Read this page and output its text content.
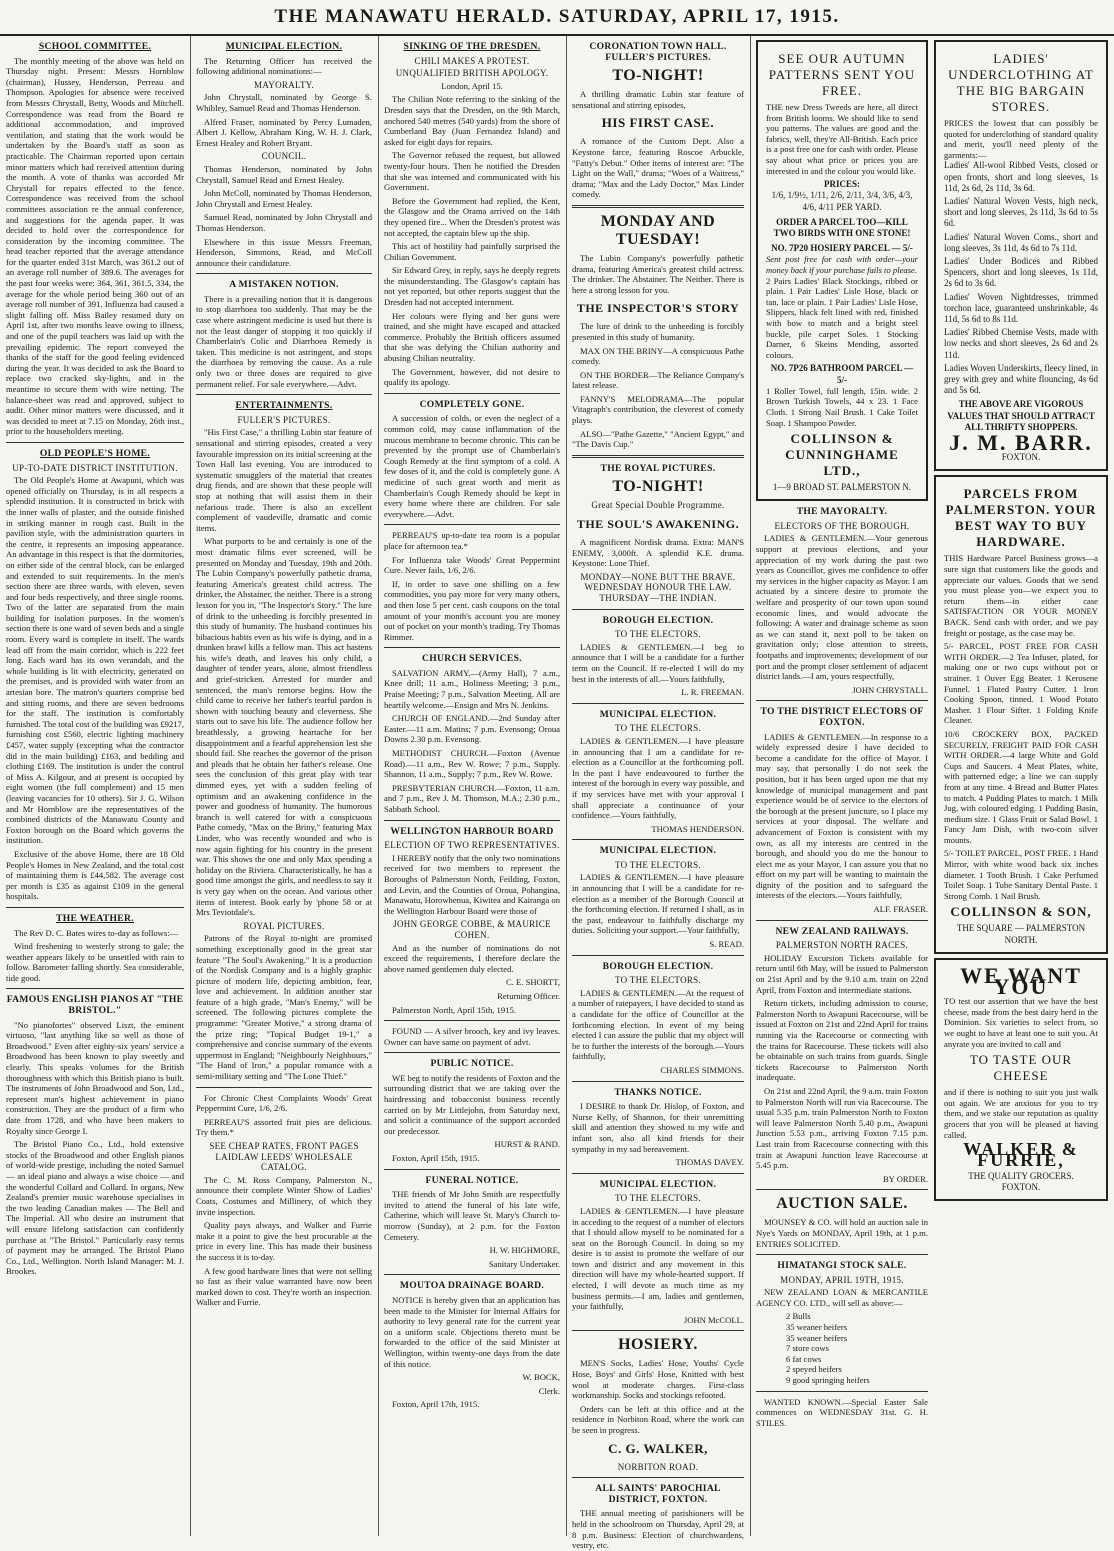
THE MANAWATU HERALD. SATURDAY, APRIL 17, 1915.
SCHOOL COMMITTEE.
The monthly meeting of the above was held on Thursday night. Present: Messrs Hornblow (chairman), Hussey, Henderson, Perreau and Thompson. Apologies for absence were received from Messrs Chrystall, Betty, Woods and Mitchell. Correspondence was read from the Board re additional accommodation, and improved ventilation, and stating that the work would be undertaken by the Board's staff as soon as practicable. The Chairman reported upon certain minor matters which had received attention during the month. A vote of thanks was accorded Mr Chrystall for repairs effected to the fence. Correspondence was received from the school committees association re the annual conference, and suggestions for the agenda paper. It was decided to hold over the correspondence for consideration by the incoming committee. The head teacher reported that the average attendance for the quarter ended 31st March, was 361.2 out of an average roll number of 389.6. The averages for the past four weeks were: 364, 361, 361.5, 334, the average for the whole period being 360 out of an average roll number of 391. Influenza had caused a slight falling off. Miss Bailey resumed duty on April 1st, after two months leave owing to illness, and one of the pupil teachers was laid up with the prevailing epidemic. The report conveyed the thanks of the staff for the good feeling evidenced during the year. It was decided to ask the Board to replace two cracked sky-lights, and in the meantime to secure them with wire netting. The balance-sheet was read and approved, subject to audit. Other minor matters were discussed, and it was decided to meet at 7.15 on Monday, 26th inst., prior to the householders meeting.
OLD PEOPLE'S HOME.
UP-TO-DATE DISTRICT INSTITUTION.
The Old People's Home at Awapuni, which was opened officially on Thursday, is in all respects a splendid institution. It is constructed in brick with the inner walls of plaster, and the outside finished in striking manner in rough cast. Built in the pavilion style, with the administration quarters in the centre, it represents an imposing appearance. An advantage in this respect is that the dormitories, on either side of the central block, can be enlarged and extended to suit requirements. In the men's section there are three wards, with eleven, seven and four beds respectively, and three single rooms. Two of the latter are separated from the main building for isolation purposes. In the women's section there is one ward of seven beds and a single room. Every ward is complete in itself. The wards lead off from the main corridor, which is 222 feet long. Each ward has its own verandah, and the whole building is lit with electricity, generated on the premises, and is provided with water from an artesian bore. The matron's quarters comprise bed and sitting rooms, and there are seven bedrooms for the staff. The institution is comfortably furnished. The total cost of the building was £9217, furnishing cost £560, electric lighting machinery £457, water supply (excepting what the contractor did in the main building) £163, and bedding and clothing £169. The institution is under the control of Miss A. Kilgour, and at present is occupied by eight women (the full complement) and 15 men (leaving vacancies for 10 others). Sir J. G. Wilson and Mr Hornblow are the representatives of the combined districts of the Manawatu County and Foxton borough on the Board which governs the institution.
Exclusive of the above Home, there are 18 Old People's Homes in New Zealand, and the total cost of maintaining them is £44,582. The average cost per month is £35 as against £109 in the general hospitals.
THE WEATHER.
The Rev D. C. Bates wires to-day as follows:—
Wind freshening to westerly strong to gale; the weather appears likely to be unsettled with rain to follow. Barometer falling shortly. Sea considerable, tide good.
FAMOUS ENGLISH PIANOS AT "THE BRISTOL."
"No pianofortes" observed Liszt, the eminent virtuoso, "last anything like so well as those of Broadwood." Even after eighty-six years' service a Broadwood has been known to play sweetly and clearly. This speaks volumes for the British thoroughness with which this British piano is built. The instruments of John Broadwood and Son, Ltd., represent man's highest achievement in piano construction. They are the product of a firm who date from 1728, and who have been makers to Royalty since George I.
The Bristol Piano Co., Ltd., hold extensive stocks of the Broadwood and other English pianos of world-wide prestige, including the noted Samuel — an ideal piano and always a wise choice — and the wonderful Collard and Collard. In organs, New Zealand's premier music warehouse specialises in the two leading Canadian makes — The Bell and The Imperial. All who desire an instrument that will ensure lifelong satisfaction can confidently purchase at "The Bristol." Particularly easy terms of payment may be arranged. The Bristol Piano Co., Ltd., Wellington. North Island Manager: M. J. Brookes.
MUNICIPAL ELECTION.
The Returning Officer has received the following additional nominations:—
MAYORALTY.
John Chrystall, nominated by George S. Whibley, Samuel Read and Thomas Henderson.
Alfred Fraser, nominated by Percy Lumaden, Albert J. Kellow, Abraham King, W. H. J. Clark, Ernest Healey and Robert Bryant.
COUNCIL.
Thomas Henderson, nominated by John Chrystall, Samuel Read and Ernest Healey.
John McColl, nominated by Thomas Henderson, John Chrystall and Ernest Healey.
Samuel Read, nominated by John Chrystall and Thomas Henderson.
Elsewhere in this issue Messrs Freeman, Henderson, Simmons, Read, and McColl announce their candidature.
A MISTAKEN NOTION.
There is a prevailing notion that it is dangerous to stop diarrhoea too suddenly. That may be the case where astringent medicine is used but there is not the least danger of stopping it too quickly if Chamberlain's Colic and Diarrhoea Remedy is taken. This medicine is not astringent, and stops the diarrhoea by removing the cause. As a rule only two or three doses are required to give permanent relief. For sale everywhere.—Advt.
ENTERTAINMENTS.
FULLER'S PICTURES.
"His First Case," a thrilling Lubin star feature of sensational and stirring episodes, created a very favourable impression on its initial screening at the Town Hall last evening. You are introduced to systematic smugglers of the material that creates drug fiends, and are shown that these people will stop at nothing that will assist them in their nefarious trade. There is also an excellent complement of vaudeville, dramatic and comic items.
What purports to be and certainly is one of the most dramatic films ever screened, will be presented on Monday and Tuesday, 19th and 20th. The Lubin Company's powerfully pathetic drama, featuring America's greatest child actress. The drinker, the Abstainer, the neither. There is a strong lesson for you in, "The Inspector's Story." The lure of drink to the unheeding is forcibly presented in this study of humanity. The husband continues his bibacious habits even as his wife is dying, and in a drunken brawl kills a fellow man. This act hastens his wife's death, and leaves his only child, a daughter of tender years, alone, almost friendless and grief-stricken. Arrested for murder and sentenced, the man's remorse begins. How the child came to receive her father's tearful pardon is shown with touching beauty and cleverness. She starts out to save his life. The audience follow her breathlessly, a growing heartache for her disappointment and a fearful apprehension lest she should fail. She reaches the governor of the prison and pleads that he obtain her father's release. One sees the conclusion of this great play with tear dimmed eyes, yet with a sudden feeling of optimism and an awakening confidence in the power and goodness of humanity. The humorous branch is well catered for with a conspicuous Pathe comedy, "Max on the Briny," featuring Max Linder, who was recently wounded and who is now again fighting for his country in the present war. This shows the one and only Max spending a holiday on the Riviera. Characteristically, he has a good time amongst the girls, and needless to say it is very gay when on the ocean. And various other items of interest. Book early by 'phone 58 or at Mrs Teviotdale's.
ROYAL PICTURES.
Patrons of the Royal to-night are promised something exceptionally good in the great star feature "The Soul's Awakening." It is a production of the Nordisk Company and is a highly graphic picture of modern life, depicting ambition, fear, love and achievement. In addition another star feature of a high grade, "Man's Enemy," will be screened. The following pictures complete the programme: "Greater Motive," a strong drama of the prize ring; "Topical Budget 19-1," a comprehensive and concise summary of the events uppermost in England; "Neighbourly Neighbours," "The Hand of Iron," a popular romance with a semi-military setting and "The Lone Thief."
For Chronic Chest Complaints Woods' Great Peppermint Cure, 1/6, 2/6.
PERREAU'S assorted fruit pies are delicious. Try them.*
SEE CHEAP RATES, FRONT PAGES LAIDLAW LEEDS' WHOLESALE CATALOG.
The C. M. Ross Company, Palmerston N., announce their complete Winter Show of Ladies' Coats, Costumes and Millinery, of which they invite inspection.
Quality pays always, and Walker and Furrie make it a point to give the best procurable at the price in every line. This has made their business the success it is to-day.
A few good hardware lines that were not selling so fast as their value warranted have now been marked down to cost. They're worth an inspection. Walker and Furrie.
SINKING OF THE DRESDEN.
CHILI MAKES A PROTEST.
UNQUALIFIED BRITISH APOLOGY.
London, April 15.
The Chilian Note referring to the sinking of the Dresden says that the Dresden, on the 9th March, anchored 540 metres (540 yards) from the shore of Cumberland Bay (Juan Fernandez Island) and asked for eight days for repairs.
The Governor refused the request, but allowed twenty-four hours. Then he notified the Dresden that she was interned and communicated with his Government.
Before the Government had replied, the Kent, the Glasgow and the Orama arrived on the 14th they opened fire... When the Dresden's protest was not accepted, the captain blew up the ship.
This act of hostility had painfully surprised the Chilian Government.
Sir Edward Grey, in reply, says he deeply regrets the misunderstanding. The Glasgow's captain has not yet reported, but other reports suggest that the Dresden had not accepted internment.
Her colours were flying and her guns were trained, and she might have escaped and attacked commerce. Probably the British officers assumed that she was defying the Chilian authority and abusing Chilian neutrality.
The Government, however, did not desire to qualify its apology.
COMPLETELY GONE.
A succession of colds, or even the neglect of a common cold, may cause inflammation of the mucous membrane to become chronic. This can be prevented by the prompt use of Chamberlain's Cough Remedy at the first symptom of a cold. A few doses of it, and the cold is completely gone. A medicine of such great worth and merit as Chamberlain's Cough Remedy should be kept in every home where there are children. For sale everywhere.—Advt.
PERREAU'S up-to-date tea room is a popular place for afternoon tea.*
For Influenza take Woods' Great Peppermint Cure. Never fails, 1/6, 2/6.
If, in order to save one shilling on a few commodities, you pay more for very many others, and then lose 5 per cent. cash coupons on the total amount of your month's account you are money out of pocket on your month's trading. Try Thomas Rimmer.
CHURCH SERVICES.
SALVATION ARMY.—(Army Hall), 7 a.m., Knee drill; 11 a.m., Holiness Meeting; 3 p.m., Praise Meeting; 7 p.m., Salvation Meeting. All are heartily welcome.—Ensign and Mrs N. Jenkins.
CHURCH OF ENGLAND.—2nd Sunday after Easter.—11 a.m. Matins; 7 p.m. Evensong; Oroua Downs 2.30 p.m. Evensong.
METHODIST CHURCH.—Foxton (Avenue Road).—11 a.m., Rev W. Rowe; 7 p.m., Supply. Shannon, 11 a.m., Supply; 7 p.m., Rev W. Rowe.
PRESBYTERIAN CHURCH.—Foxton, 11 a.m. and 7 p.m., Rev J. M. Thomson, M.A.; 2.30 p.m., Sabbath School.
WELLINGTON HARBOUR BOARD
ELECTION OF TWO REPRESENTATIVES.
I HEREBY notify that the only two nominations received for two members to represent the Boroughs of Palmerston North, Feilding, Foxton, and Levin, and the Counties of Oroua, Pohangina, Manawatu, Horowhenua, Kiwitea and Kairanga on the Wellington Harbour Board were those of
JOHN GEORGE COBBE, & MAURICE COHEN.
And as the number of nominations do not exceed the requirements, I therefore declare the above named gentlemen duly elected.
C. E. SHORTT,
Returning Officer.
Palmerston North, April 15th, 1915.
FOUND — A silver brooch, key and ivy leaves. Owner can have same on payment of advt.
PUBLIC NOTICE.
WE beg to notify the residents of Foxton and the surrounding district that we are taking over the hairdressing and tobacconist business recently carried on by Mr Littlejohn, from Saturday next, and solicit a continuance of the support accorded our predecessor.
HURST & RAND.
Foxton, April 15th, 1915.
FUNERAL NOTICE.
THE friends of Mr John Smith are respectfully invited to attend the funeral of his late wife, Catherine, which will leave St. Mary's Church to-morrow (Sunday), at 2 p.m. for the Foxton Cemetery.
H. W. HIGHMORE,
Sanitary Undertaker.
MOUTOA DRAINAGE BOARD.
NOTICE is hereby given that an application has been made to the Minister for Internal Affairs for authority to levy general rate for the current year on a uniform scale. Objections thereto must be forwarded to the office of the said Minister at Wellington, within twenty-one days from the date of this notice.
W. BOCK,
Clerk.
Foxton, April 17th, 1915.
CORONATION TOWN HALL. FULLER'S PICTURES.
TO-NIGHT!
A thrilling dramatic Lubin star feature of sensational and stirring episodes,
HIS FIRST CASE.
A romance of the Custom Dept. Also a Keystone farce, featuring Roscoe Arbuckle, "Fatty's Debut." Other items of interest are: "The Light on the Wall," drama; "Woes of a Waitress," drama; "Max and the Lady Doctor," Max Linder comedy.
MONDAY AND TUESDAY!
The Lubin Company's powerfully pathetic drama, featuring America's greatest child actress. The drinker. The Abstainer. The Neither. There is here a strong lesson for you.
THE INSPECTOR'S STORY
The lure of drink to the unheeding is forcibly presented in this study of humanity.
MAX ON THE BRINY—A conspicuous Pathe comedy.
ON THE BORDER—The Reliance Company's latest release.
FANNY'S MELODRAMA—The popular Vitagraph's contribution, the cleverest of comedy plays.
ALSO—"Pathe Gazette," "Ancient Egypt," and "The Davis Cup."
THE ROYAL PICTURES.
TO-NIGHT!
Great Special Double Programme.
THE SOUL'S AWAKENING.
A magnificent Nordisk drama. Extra: MAN'S ENEMY, 3,000ft. A splendid K.E. drama. Keystone: Lone Thief.
MONDAY—NONE BUT THE BRAVE. WEDNESDAY HONOUR THE LAW. THURSDAY—THE INDIAN.
BOROUGH ELECTION.
TO THE ELECTORS.
LADIES & GENTLEMEN.—I beg to announce that I will be a candidate for a further term on the Council. If re-elected I will do my best in the interests of all.—Yours faithfully,
L. R. FREEMAN.
MUNICIPAL ELECTION.
TO THE ELECTORS.
LADIES & GENTLEMEN.—I have pleasure in announcing that I am a candidate for re-election as a Councillor at the forthcoming poll. In the past I have endeavoured to further the interest of the borough in every way possible, and if my services have met with your approval I shall appreciate a continuance of your confidence.—Yours faithfully,
THOMAS HENDERSON.
MUNICIPAL ELECTION.
TO THE ELECTORS.
LADIES & GENTLEMEN.—I have pleasure in announcing that I will be a candidate for re-election as a member of the Borough Council at the forthcoming election. If returned I shall, as in the past, endeavour to faithfully discharge my duties. Soliciting your support.—Your faithfully,
S. READ.
BOROUGH ELECTION.
TO THE ELECTORS.
LADIES & GENTLEMEN.—At the request of a number of ratepayers, I have decided to stand as a candidate for the office of Councillor at the forthcoming election. In event of my being elected I can assure the public that my object will be to further the interests of the borough.—Yours faithfully,
CHARLES SIMMONS.
THANKS NOTICE.
I DESIRE to thank Dr. Hislop, of Foxton, and Nurse Kelly, of Shannon, for their unremitting skill and attention they showed to my wife and infant son, also all kind friends for their sympathy in my sad bereavement.
THOMAS DAVEY.
MUNICIPAL ELECTION.
TO THE ELECTORS.
LADIES & GENTLEMEN.—I have pleasure in acceding to the request of a number of electors that I should allow myself to be nominated for a seat on the Borough Council. In doing so my desire is to assist to promote the welfare of our town and district and any movement in this direction will have my whole-hearted support. If elected, I will devote as much time as my business permits.—I am, ladies and gentlemen, your faithfully,
JOHN McCOLL.
HOSIERY.
MEN'S Socks, Ladies' Hose, Youths' Cycle Hose, Boys' and Girls' Hose, Knitted with best wool at moderate charges. First-class workmanship. Socks and stockings refooted.
Orders can be left at this office and at the residence in Norbiton Road, where the work can be seen in progress.
C. G. WALKER,
NORBITON ROAD.
ALL SAINTS' PAROCHIAL DISTRICT, FOXTON.
THE annual meeting of parishioners will be held in the schoolroom on Thursday, April 29, at 8 p.m. Business: Election of churchwardens, vestry, etc.
SEE OUR AUTUMN PATTERNS SENT YOU FREE.
THE new Dress Tweeds are here, all direct from British looms. We should like to send you patterns. The values are good and the fabrics, well, they're All-British. Each price is a post free one for cash with order. Please say about what price or prices you are interested in and the colour you would like.
PRICES:
1/6, 1/9½, 1/11, 2/6, 2/11, 3/4, 3/6, 4/3, 4/6, 4/11 PER YARD.
ORDER A PARCEL TOO—KILL TWO BIRDS WITH ONE STONE!
NO. 7P20 HOSIERY PARCEL — 5/-
Sent post free for cash with order—your money back if your purchase fails to please.
2 Pairs Ladies' Black Stockings, ribbed or plain. 1 Pair Ladies' Lisle Hose, black or tan, lace or plain. 1 Pair Ladies' Lisle Hose, Slippers, black felt lined with red, finished with bow to match and a bright steel buckle, pile carpet Soles. 1 Stocking Darner, 6 Skeins Mending, assorted colours.
NO. 7P26 BATHROOM PARCEL — 5/-
1 Roller Towel, full length, 15in. wide. 2 Brown Turkish Towels, 44 x 23. 1 Face Cloth. 1 Strong Nail Brush. 1 Cake Toilet Soap. 1 Shampoo Powder.
COLLINSON & CUNNINGHAME LTD.,
1—9 BROAD ST. PALMERSTON N.
THE MAYORALTY.
ELECTORS OF THE BOROUGH.
LADIES & GENTLEMEN.—Your generous support at previous elections, and your appreciation of my work during the past two years as Councillor, gives me confidence to offer my services in the higher capacity as Mayor. I am actuated by a sincere desire to promote the welfare and prosperity of our town upon sound economic lines, and would advocate the following: A water and drainage scheme as soon as we can stand it, next poll to be taken on gravitation only; close attention to streets, footpaths and improvements; development of our port and the prompt closer settlement of adjacent district lands.—I am, yours respectfully,
JOHN CHRYSTALL.
TO THE DISTRICT ELECTORS OF FOXTON.
LADIES & GENTLEMEN.—In response to a widely expressed desire I have decided to become a candidate for the office of Mayor. I may say, that personally I do not seek the position, but it has been urged upon me that my knowledge of municipal management and past experience would be of service to the electors of the borough at the present juncture, so I place my services at your disposal. The welfare and advancement of Foxton is consistent with my own, as all my interests are centred in the borough, and should you do me the honour to elect me as your Mayor, I can assure you that no effort on my part will be wanting to maintain the dignity of the position and to safeguard the interests of the electors.—Yours faithfully,
ALF. FRASER.
NEW ZEALAND RAILWAYS.
PALMERSTON NORTH RACES.
HOLIDAY Excursion Tickets available for return until 6th May, will be issued to Palmerston on 21st April and by the 9.10 a.m. train on 22nd April, from Foxton and intermediate stations.
Return tickets, including admission to course, Palmerston North to Awapuni Racecourse, will be issued at Foxton on 21st and 22nd April for trains running via the Racecourse or connecting with the trains for Racecourse. These tickets will also be obtainable on such trains from guards. Single tickets Racecourse to Palmerston North inadequate.
On 21st and 22nd April, the 9 a.m. train Foxton to Palmerston North will run via Racecourse. The usual 5.35 p.m. train Palmerston North to Foxton will leave Palmerston North 5.40 p.m., Awapuni Junction 5.53 p.m., arriving Foxton 7.15 p.m. Last train from Racecourse connecting with this train at Awapuni Junction leave Racecourse at 5.45 p.m.
BY ORDER.
AUCTION SALE.
MOUNSEY & CO. will hold an auction sale in Nye's Yards on MONDAY, April 19th, at 1 p.m. ENTRIES SOLICITED.
HIMATANGI STOCK SALE.
MONDAY, APRIL 19TH, 1915.
NEW ZEALAND LOAN & MERCANTILE AGENCY CO. LTD., will sell as above:—
2 Bulls
35 weaner heifers
35 weaner heifers
7 store cows
6 fat cows
2 speyed heifers
9 good springing heifers
WANTED KNOWN.—Special Easter Sale commences on WEDNESDAY 31st. G. H. STILES.
LADIES' UNDERCLOTHING AT THE BIG BARGAIN STORES.
PRICES the lowest that can possibly be quoted for underclothing of standard quality and merit, you'll need plenty of the garments:—
Ladies' All-wool Ribbed Vests, closed or open fronts, short and long sleeves, 1s 11d, 2s 6d, 2s 11d, 3s 6d.
Ladies' Natural Woven Vests, high neck, short and long sleeves, 2s 11d, 3s 6d to 5s 6d.
Ladies' Natural Woven Coms., short and long sleeves, 3s 11d, 4s 6d to 7s 11d.
Ladies' Under Bodices and Ribbed Spencers, short and long sleeves, 1s 11d, 2s 6d to 3s 6d.
Ladies' Woven Nightdresses, trimmed torchon lace, guaranteed unshrinkable, 4s 11d, 5s 6d to 8s 11d.
Ladies' Ribbed Chemise Vests, made with low necks and short sleeves, 2s 6d and 2s 11d.
Ladies Woven Underskirts, fleecy lined, in grey with grey and white flouncing, 4s 6d and 5s 6d.
THE ABOVE ARE VIGOROUS VALUES THAT SHOULD ATTRACT ALL THRIFTY SHOPPERS.
J. M. BARR.
FOXTON.
PARCELS FROM PALMERSTON. YOUR BEST WAY TO BUY HARDWARE.
THIS Hardware Parcel Business grows—a sure sign that customers like the goods and appreciate our values. Goods that we send you must please you—we expect you to return them—in either case SATISFACTION OR YOUR MONEY BACK. Send cash with order, and we pay freight or postage, as the case may be.
5/- PARCEL, POST FREE FOR CASH WITH ORDER.—2 Tea Infuser, plated, for making one or two cups without pot or strainer. 1 Ouver Egg Beater. 1 Kerosene Funnel. 1 Fluted Pastry Cutter. 1 Iron Cooking Spoon, tinned. 1 Wood Potato Masher. 1 Flour Sifter. 1 Folding Knife Cleaner.
10/6 CROCKERY BOX, PACKED SECURELY, FREIGHT PAID FOR CASH WITH ORDER.—4 large White and Gold Cups and Saucers. 4 Meat Plates, white, with patterned edge; a line we can supply from at any time. 4 Bread and Butter Plates to match. 4 Pudding Plates to match. 1 Milk Jug, with coloured edging. 1 Pudding Basin, medium size. 1 Glass Fruit or Salad Bowl. 1 Fancy Jam Dish, with two-coin silver mounts.
5/- TOILET PARCEL, POST FREE. 1 Hand Mirror, with white wood back six inches diameter. 1 Tooth Brush. 1 Cake Perfumed Toilet Soap. 1 Tube Sanitary Dental Paste. 1 Strong Comb. 1 Nail Brush.
COLLINSON & SON,
THE SQUARE — PALMERSTON NORTH.
WE WANT YOU
TO test our assertion that we have the best cheese, made from the best dairy herd in the Dominion. Six varieties to select from, so we ought to have at least one to suit you. At anyrate you are invited to call and
TO TASTE OUR CHEESE
and if there is nothing to suit you just walk out again. We are anxious for you to try them, and we stake our reputation as quality grocers that you will be pleased at having called.
WALKER & FURRIE,
THE QUALITY GROCERS.
FOXTON.
